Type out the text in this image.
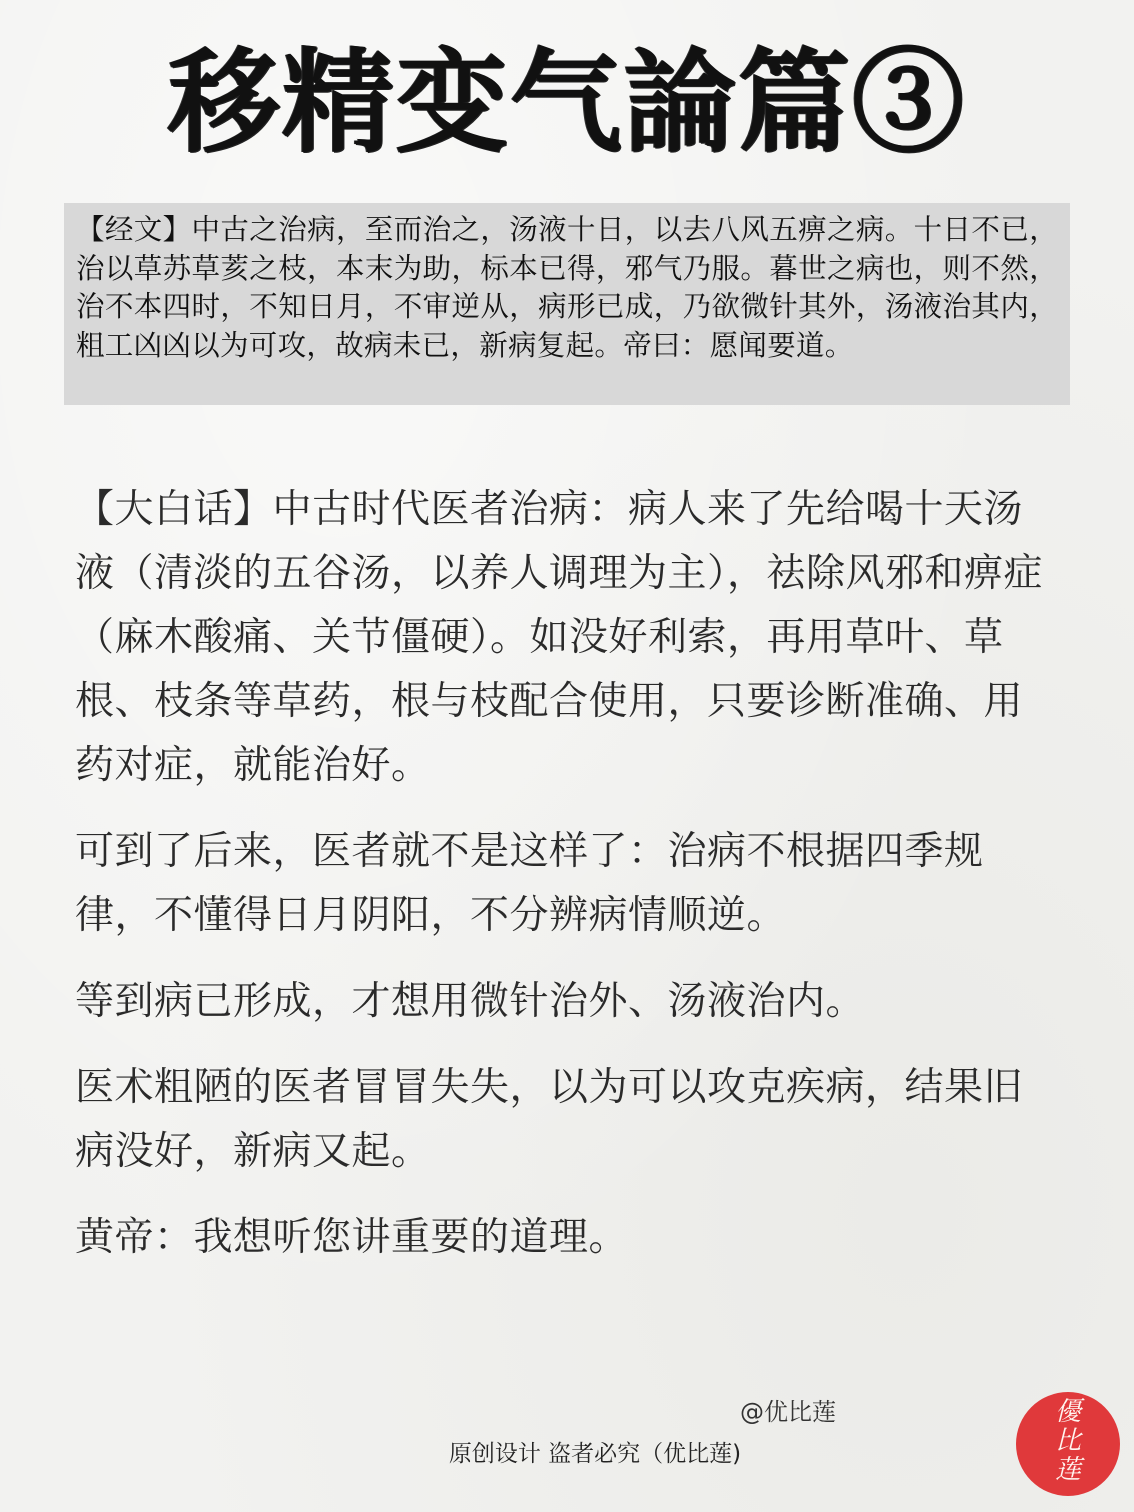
移精变气論篇③

【经文】中古之治病，至而治之，汤液十日，以去八风五痹之病。十日不已，治以草苏草荄之枝，本末为助，标本已得，邪气乃服。暮世之病也，则不然，治不本四时，不知日月，不审逆从，病形已成，乃欲微针其外，汤液治其内，粗工凶凶以为可攻，故病未已，新病复起。帝曰：愿闻要道。

【大白话】中古时代医者治病：病人来了先给喝十天汤液（清淡的五谷汤，以养人调理为主），祛除风邪和痹症（麻木酸痛、关节僵硬）。如没好利索，再用草叶、草根、枝条等草药，根与枝配合使用，只要诊断准确、用药对症，就能治好。

可到了后来，医者就不是这样了：治病不根据四季规律，不懂得日月阴阳，不分辨病情顺逆。

等到病已形成，才想用微针治外、汤液治内。

医术粗陋的医者冒冒失失，以为可以攻克疾病，结果旧病没好，新病又起。

黄帝：我想听您讲重要的道理。

@优比莲
原创设计 盗者必究（优比莲)
優
比
莲
